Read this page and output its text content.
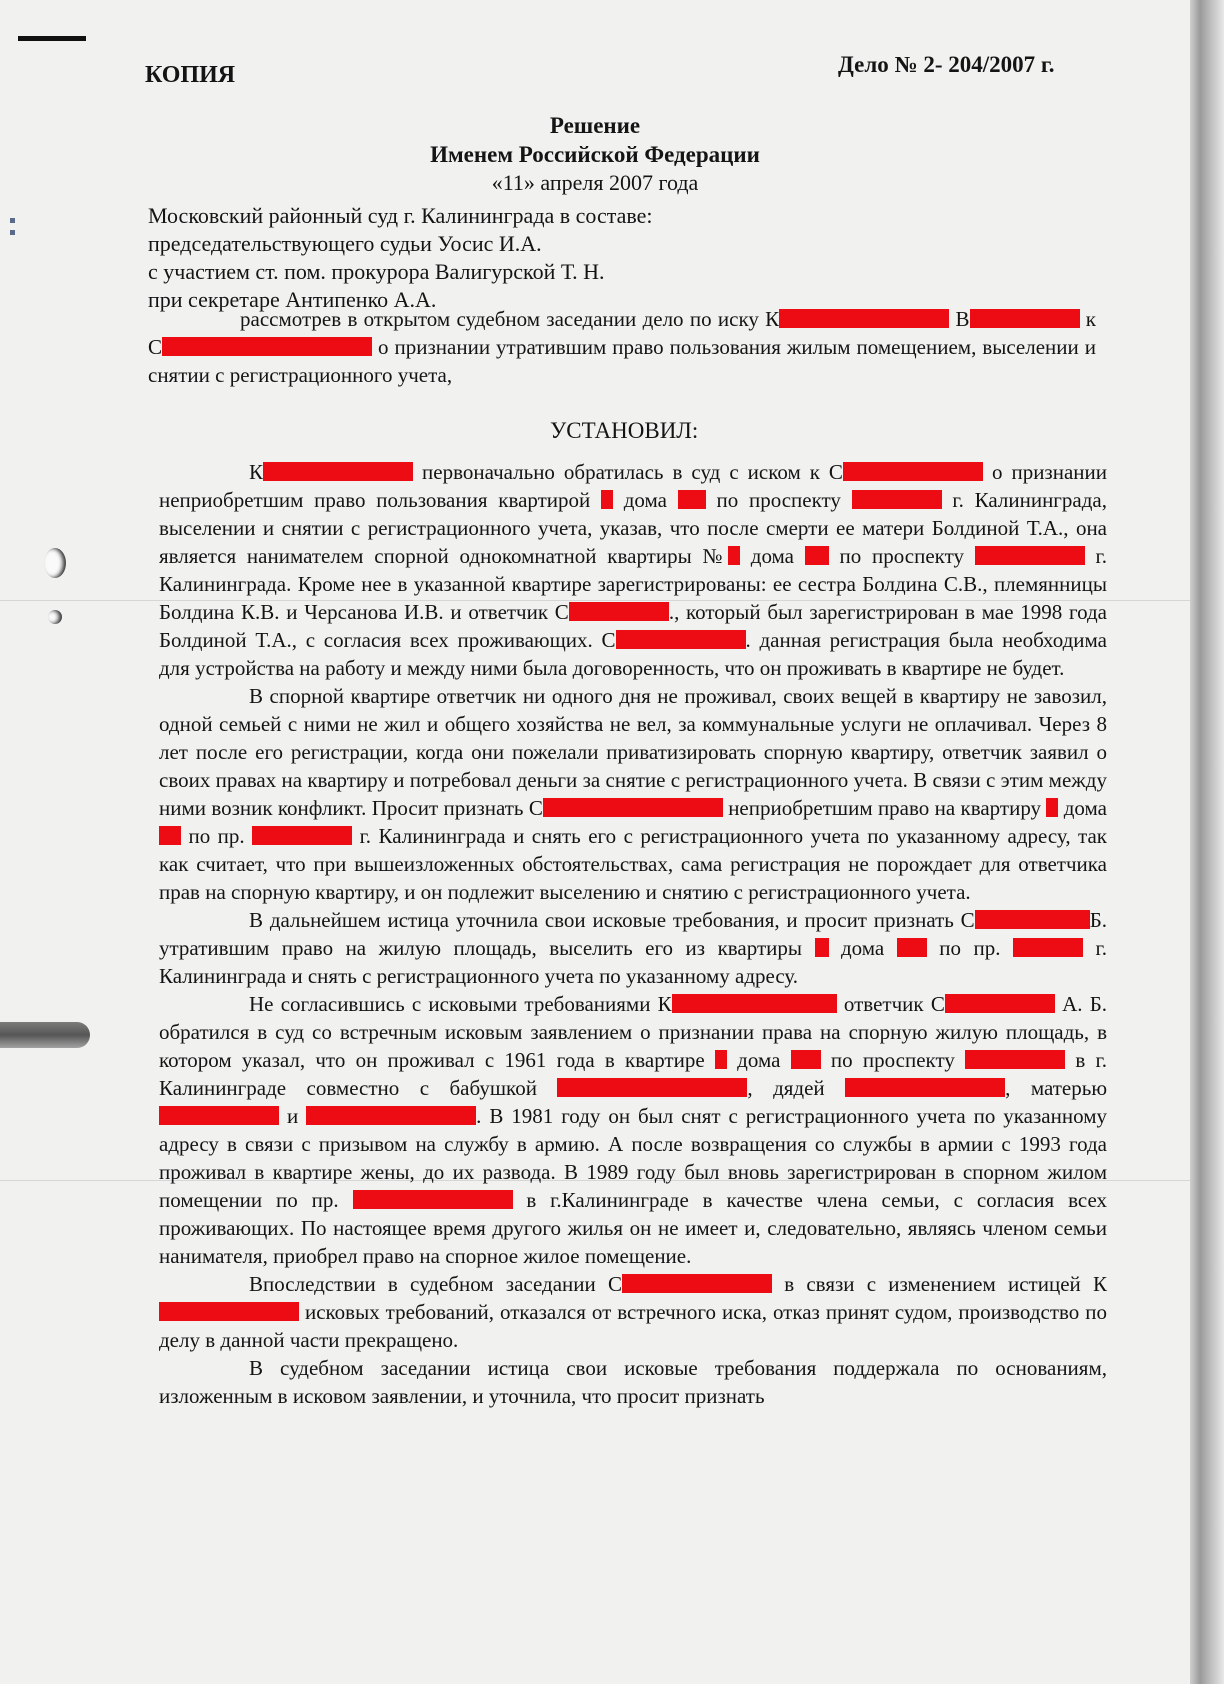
КОПИЯ	Дело № 2- 204/2007 г.
Решение
Именем Российской Федерации
«11» апреля 2007 года
Московский районный суд г. Калининграда в составе:
председательствующего судьи Уосис И.А.
с участием ст. пом. прокурора Валигурской Т. Н.
при секретаре Антипенко А.А.

рассмотрев в открытом судебном заседании дело по иску К	В	к С	о признании утратившим право пользования жилым помещением, выселении и снятии с регистрационного учета,

УСТАНОВИЛ:

К	первоначально обратилась в суд с иском к С	о признании неприобретшим право пользования квартирой  дома  по проспекту	г. Калининграда, выселении и снятии с регистрационного учета, указав, что после смерти ее матери Болдиной Т.А., она является нанимателем спорной однокомнатной квартиры № дома  по проспекту	г. Калининграда. Кроме нее в указанной квартире зарегистрированы: ее сестра Болдина С.В., племянницы Болдина К.В. и Черсанова И.В. и ответчик С	., который был зарегистрирован в мае 1998 года Болдиной Т.А., с согласия всех проживающих. С	. данная регистрация была необходима для устройства на работу и между ними была договоренность, что он проживать в квартире не будет.

В спорной квартире ответчик ни одного дня не проживал, своих вещей в квартиру не завозил, одной семьей с ними не жил и общего хозяйства не вел, за коммунальные услуги не оплачивал. Через 8 лет после его регистрации, когда они пожелали приватизировать спорную квартиру, ответчик заявил о своих правах на квартиру и потребовал деньги за снятие с регистрационного учета. В связи с этим между ними возник конфликт. Просит признать С	неприобретшим право на квартиру  дома  по пр.	г. Калининграда и снять его с регистрационного учета по указанному адресу, так как считает, что при вышеизложенных обстоятельствах, сама регистрация не порождает для ответчика прав на спорную квартиру, и он подлежит выселению и снятию с регистрационного учета.

В дальнейшем истица уточнила свои исковые требования, и просит признать С	Б. утратившим право на жилую площадь, выселить его из квартиры  дома  по пр.	г. Калининграда и снять с регистрационного учета по указанному адресу.

Не согласившись с исковыми требованиями К	ответчик С	А. Б. обратился в суд со встречным исковым заявлением о признании права на спорную жилую площадь, в котором указал, что он проживал с 1961 года в квартире  дома  по проспекту	в г. Калининграде совместно с бабушкой	, дядей	, матерью  и	. В 1981 году он был снят с регистрационного учета по указанному адресу в связи с призывом на службу в армию. А после возвращения со службы в армии с 1993 года проживал в квартире жены, до их развода. В 1989 году был вновь зарегистрирован в спорном жилом помещении по пр.	в г.Калининграде в качестве члена семьи, с согласия всех проживающих. По настоящее время другого жилья он не имеет и, следовательно, являясь членом семьи нанимателя, приобрел право на спорное жилое помещение.

Впоследствии в судебном заседании С	в связи с изменением истицей К исковых требований, отказался от встречного иска, отказ принят судом, производство по делу в данной части прекращено.

В судебном заседании истица свои исковые требования поддержала по основаниям, изложенным в исковом заявлении, и уточнила, что просит признать
